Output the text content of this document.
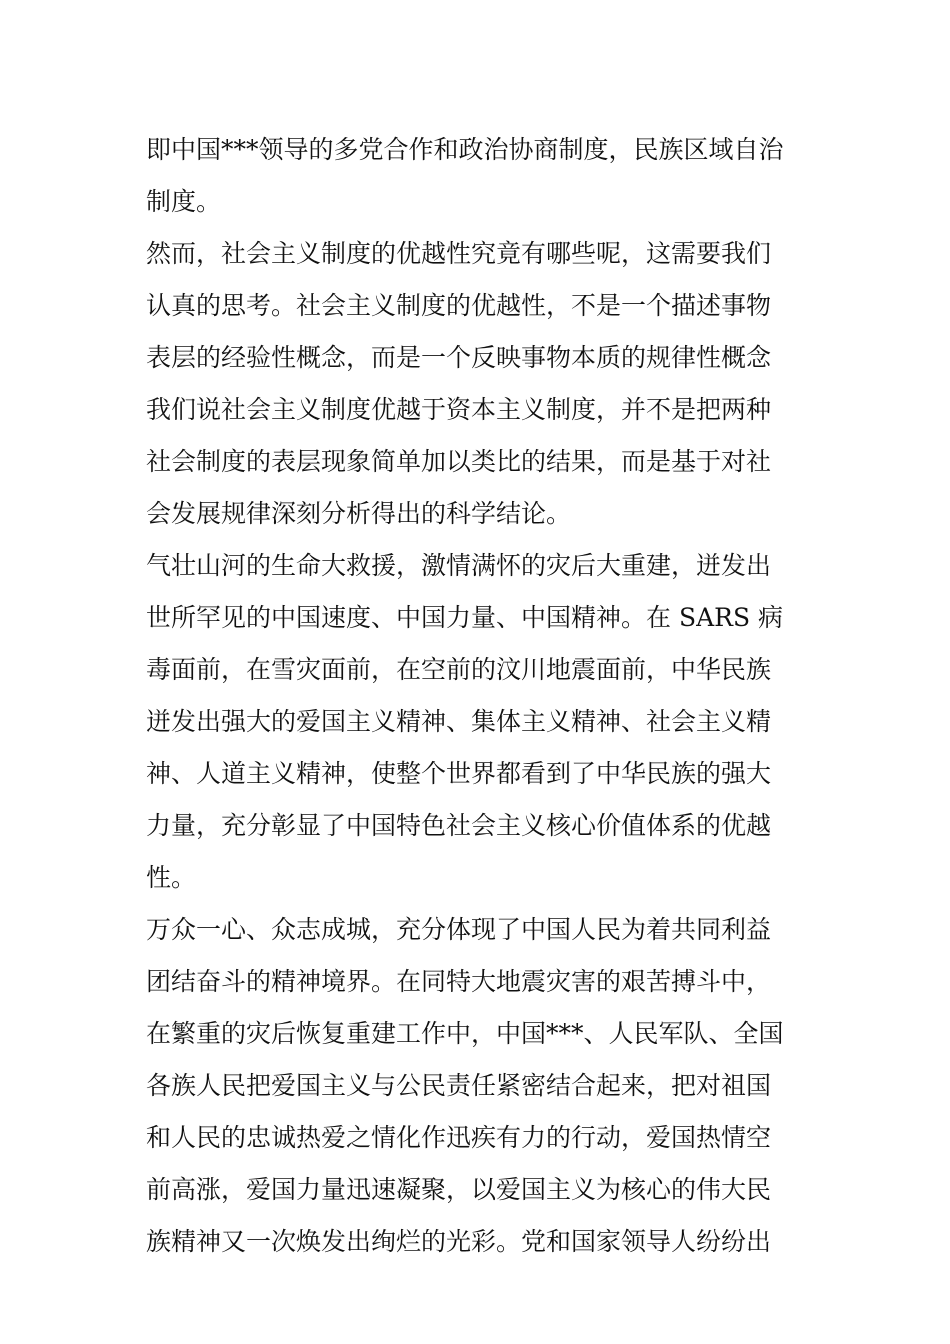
即中国***领导的多党合作和政治协商制度，民族区域自治
制度。
然而，社会主义制度的优越性究竟有哪些呢，这需要我们
认真的思考。社会主义制度的优越性，不是一个描述事物
表层的经验性概念，而是一个反映事物本质的规律性概念
我们说社会主义制度优越于资本主义制度，并不是把两种
社会制度的表层现象简单加以类比的结果，而是基于对社
会发展规律深刻分析得出的科学结论。
气壮山河的生命大救援，激情满怀的灾后大重建，迸发出
世所罕见的中国速度、中国力量、中国精神。在 SARS 病
毒面前，在雪灾面前，在空前的汶川地震面前，中华民族
迸发出强大的爱国主义精神、集体主义精神、社会主义精
神、人道主义精神，使整个世界都看到了中华民族的强大
力量，充分彰显了中国特色社会主义核心价值体系的优越
性。
万众一心、众志成城，充分体现了中国人民为着共同利益
团结奋斗的精神境界。在同特大地震灾害的艰苦搏斗中，
在繁重的灾后恢复重建工作中，中国***、人民军队、全国
各族人民把爱国主义与公民责任紧密结合起来，把对祖国
和人民的忠诚热爱之情化作迅疾有力的行动，爱国热情空
前高涨，爱国力量迅速凝聚，以爱国主义为核心的伟大民
族精神又一次焕发出绚烂的光彩。党和国家领导人纷纷出
